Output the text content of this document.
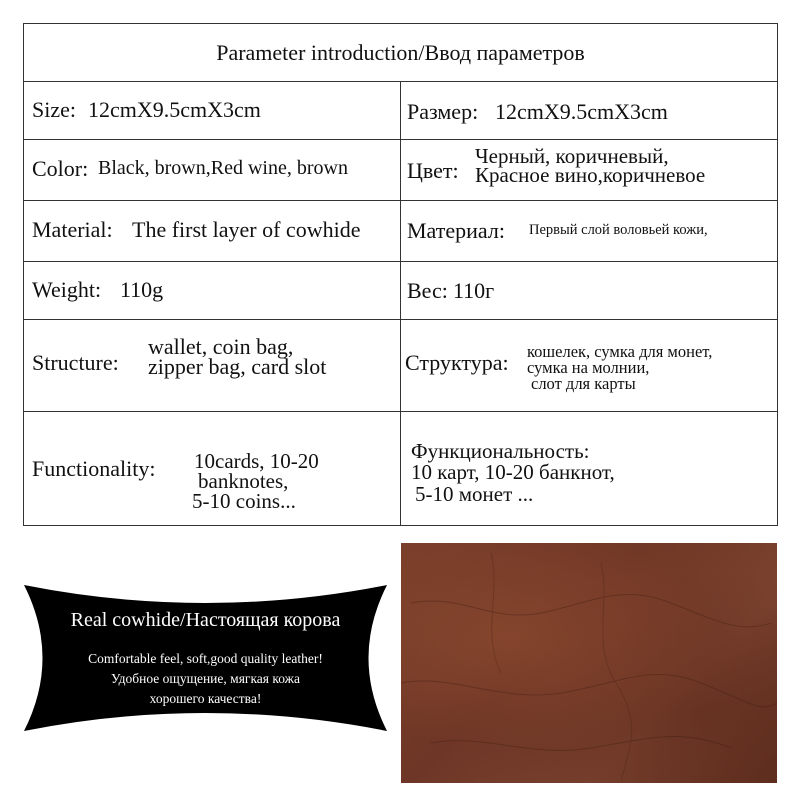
Parameter introduction/Ввод параметров
Size: 12cmX9.5cmX3cm	Размер: 12cmX9.5cmX3cm
Color: Black, brown,Red wine, brown	Цвет:
Черный, коричневый,
Красное вино,коричневое
Material: The first layer of cowhide Материал: Первый слой воловьей кожи,
Weight: 110g	Вес: 110г
Structure:
wallet, coin bag,
zipper bag, card slot	Структура: кошелек, сумка для монет,
сумка на молнии,
слот для карты
Functionality: 10cards, 10-20
banknotes,
5-10 coins...
Функциональность:
10 карт, 10-20 банкнот,
5-10 монет ...
Real cowhide/Настоящая корова
Comfortable feel, soft,good quality leather!
Удобное ощущение, мягкая кожа
хорошего качества!
